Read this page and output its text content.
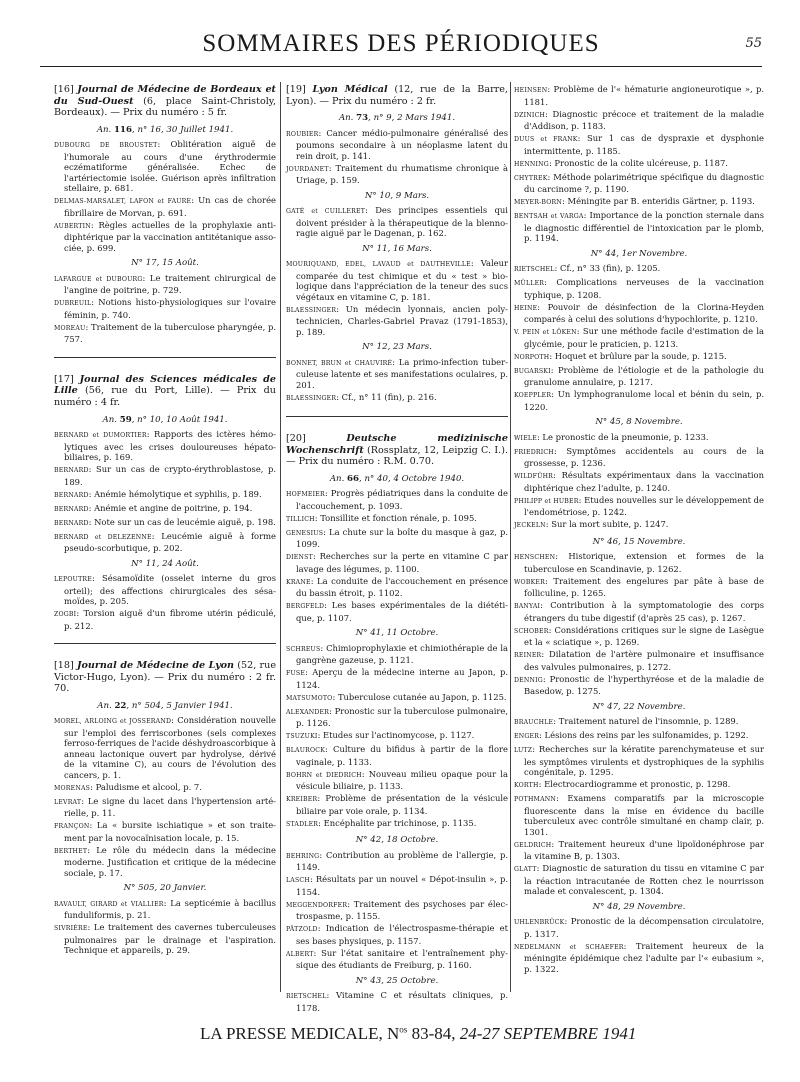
SOMMAIRES DES PÉRIODIQUES	55

[16] Journal de Médecine de Bordeaux et du Sud-Ouest (6, place Saint-Christoly, Bordeaux). — Prix du numéro : 5 fr.

An. 116, n° 16, 30 Juillet 1941.

DUBOURG DE BROUSTET: Oblitération aiguë de l'humorale au cours d'une érythrodermie eczématiforme généralisée. Echec de l'artériectomie isolée. Guérison après infiltration stellaire, p. 681.

DELMAS-MARSALET, LAFON et FAURE: Un cas de chorée fibrillaire de Morvan, p. 691.

AUBERTIN: Règles actuelles de la prophylaxie antidiphtérique par la vaccination antitétanique associée, p. 699.

N° 17, 15 Août.

LAFARGUE et DUBOURG: Le traitement chirurgical de l'angine de poitrine, p. 729.

DUBREUIL: Notions histo-physiologiques sur l'ovaire féminin, p. 740.

MOREAU: Traitement de la tuberculose pharyngée, p. 757.

[17] Journal des Sciences médicales de Lille (56, rue du Port, Lille). — Prix du numéro : 4 fr.

An. 59, n° 10, 10 Août 1941.

BERNARD et DUMORTIER: Rapports des ictères hémolytiques avec les crises douloureuses hépatobiliaires, p. 169.

BERNARD: Sur un cas de crypto-érythroblastose, p. 189.

BERNARD: Anémie hémolytique et syphilis, p. 189.

BERNARD: Anémie et angine de poitrine, p. 194.

BERNARD: Note sur un cas de leucémie aiguë, p. 198.

BERNARD et DELEZENNE: Leucémie aiguë à forme pseudo-scorbutique, p. 202.

N° 11, 24 Août.

LEPOUTRE: Sésamoïdite (osselet interne du gros orteil); des affections chirurgicales des sésamoïdes, p. 205.

ZOGBI: Torsion aiguë d'un fibrome utérin pédiculé, p. 212.

[18] Journal de Médecine de Lyon (52, rue Victor-Hugo, Lyon). — Prix du numéro : 2 fr. 70.

An. 22, n° 504, 5 Janvier 1941.

MOREL, ARLOING et JOSSERAND: Considération nouvelle sur l'emploi des ferriscorbones (sels complexes ferroso-ferriques de l'acide déshydroascorbique à anneau lactonique ouvert par hydrolyse, dérivé de la vitamine C), au cours de l'évolution des cancers, p. 1.

MORENAS: Paludisme et alcool, p. 7.

LEVRAT: Le signe du lacet dans l'hypertension artérielle, p. 11.

FRANÇON: La « bursite ischiatique » et son traitement par la novocaïnisation locale, p. 15.

BERTHET: Le rôle du médecin dans la médecine moderne. Justification et critique de la médecine sociale, p. 17.

N° 505, 20 Janvier.

RAVAULT, GIRARD et VIALLIER: La septicémie à bacillus funduliformis, p. 21.

SIVRIÈRE: Le traitement des cavernes tuberculeuses pulmonaires par le drainage et l'aspiration. Technique et appareils, p. 29.

[19] Lyon Médical (12, rue de la Barre, Lyon). — Prix du numéro : 2 fr.

An. 73, n° 9, 2 Mars 1941.

ROUBIER: Cancer médio-pulmonaire généralisé des poumons secondaire à un néoplasme latent du rein droit, p. 141.

JOURDANET: Traitement du rhumatisme chronique à Uriage, p. 159.

N° 10, 9 Mars.

GATÉ et CUILLERET: Des principes essentiels qui doivent présider à la thérapeutique de la blennoragie aiguë par le Dagenan, p. 162.

N° 11, 16 Mars.

MOURIQUAND, EDEL, LAVAUD et DAUTHEVILLE: Valeur comparée du test chimique et du « test » biologique dans l'appréciation de la teneur des sucs végétaux en vitamine C, p. 181.

BLAESSINGER: Un médecin lyonnais, ancien polytechnicien, Charles-Gabriel Pravaz (1791-1853), p. 189.

N° 12, 23 Mars.

BONNET, BRUN et CHAUVIRÉ: La primo-infection tuberculeuse latente et ses manifestations oculaires, p. 201.

BLAESSINGER: Cf., n° 11 (fin), p. 216.

[20]	Deutsche medizinische Wochenschrift (Rossplatz, 12, Leipzig C. I.). — Prix du numéro : R.M. 0.70.

An. 66, n° 40, 4 Octobre 1940.

HOFMEIER: Progrès pédiatriques dans la conduite de l'accouchement, p. 1093.

TILLICH: Tonsillite et fonction rénale, p. 1095.

GENESIUS: La chute sur la boîte du masque à gaz, p. 1099.

DIENST: Recherches sur la perte en vitamine C par lavage des légumes, p. 1100.

KRANE: La conduite de l'accouchement en présence du bassin étroit, p. 1102.

BERGFELD: Les bases expérimentales de la diététique, p. 1107.

N° 41, 11 Octobre.

SCHREUS: Chimioprophylaxie et chimiothérapie de la gangrène gazeuse, p. 1121.

FUSE: Aperçu de la médecine interne au Japon, p. 1124.

MATSUMOTO: Tuberculose cutanée au Japon, p. 1125.

ALEXANDER: Pronostic sur la tuberculose pulmonaire, p. 1126.

TSUZUKI: Etudes sur l'actinomycose, p. 1127.

BLAUROCK: Culture du bifidus à partir de la flore vaginale, p. 1133.

BOHRN et DIEDRICH: Nouveau milieu opaque pour la vésicule biliaire, p. 1133.

KREIBER: Problème de présentation de la vésicule biliaire par voie orale, p. 1134.

STADLER: Encéphalite par trichinose, p. 1135.

N° 42, 18 Octobre.

BEHRING: Contribution au problème de l'allergie, p. 1149.

LASCH: Résultats par un nouvel « Dépot-insulin », p. 1154.

MEGGENDORFER: Traitement des psychoses par électrospasme, p. 1155.

PÄTZOLD: Indication de l'électrospasme-thérapie et ses bases physiques, p. 1157.

ALBERT: Sur l'état sanitaire et l'entraînement physique des étudiants de Freiburg, p. 1160.

N° 43, 25 Octobre.

RIETSCHEL: Vitamine C et résultats cliniques, p. 1178.

HEINSEN: Problème de l'« hématurie angioneurotique », p. 1181.

DZINICH: Diagnostic précoce et traitement de la maladie d'Addison, p. 1183.

DUUS et FRANK: Sur 1 cas de dyspraxie et dysphonie intermittente, p. 1185.

HENNING: Pronostic de la colite ulcéreuse, p. 1187.

CHYTREK: Méthode polarimétrique spécifique du diagnostic du carcinome ?, p. 1190.

MEYER-BORN: Méningite par B. enteridis Gärtner, p. 1193.

BENTSAH et VARGA: Importance de la ponction sternale dans le diagnostic différentiel de l'intoxication par le plomb, p. 1194.

N° 44, 1er Novembre.

RIETSCHEL: Cf., n° 33 (fin), p. 1205.

MÜLLER: Complications nerveuses de la vaccination typhique, p. 1208.

HEINE: Pouvoir de désinfection de la Clorina-Heyden comparés à celui des solutions d'hypochlorite, p. 1210.

V. PEIN et LÖKEN: Sur une méthode facile d'estimation de la glycémie, pour le praticien, p. 1213.

NORPOTH: Hoquet et brûlure par la soude, p. 1215.

BUGARSKI: Problème de l'étiologie et de la pathologie du granulome annulaire, p. 1217.

KOEPPLER: Un lymphogranulome local et bénin du sein, p. 1220.

N° 45, 8 Novembre.

WIELE: Le pronostic de la pneumonie, p. 1233.

FRIEDRICH: Symptômes accidentels au cours de la grossesse, p. 1236.

WILDFÜHR: Résultats expérimentaux dans la vaccination diphtérique chez l'adulte, p. 1240.

PHILIPP et HUBER: Etudes nouvelles sur le développement de l'endométriose, p. 1242.

JECKELN: Sur la mort subite, p. 1247.

N° 46, 15 Novembre.

HENSCHEN: Historique, extension et formes de la tuberculose en Scandinavie, p. 1262.

WOBKER: Traitement des engelures par pâte à base de folliculine, p. 1265.

BANYAI: Contribution à la symptomatologie des corps étrangers du tube digestif (d'après 25 cas), p. 1267.

SCHOBER: Considérations critiques sur le signe de Lasègue et la « sciatique », p. 1269.

REINER: Dilatation de l'artère pulmonaire et insuffisance des valvules pulmonaires, p. 1272.

DENNIG: Pronostic de l'hyperthyréose et de la maladie de Basedow, p. 1275.

N° 47, 22 Novembre.

BRAUCHLE: Traitement naturel de l'insomnie, p. 1289.

ENGER: Lésions des reins par les sulfonamides, p. 1292.

LUTZ: Recherches sur la kératite parenchymateuse et sur les symptômes virulents et dystrophiques de la syphilis congénitale, p. 1295.

KORTH: Electrocardiogramme et pronostic, p. 1298.

POTHMANN: Examens comparatifs par la microscopie fluorescente dans la mise en évidence du bacille tuberculeux avec contrôle simultané en champ clair, p. 1301.

GELDRICH: Traitement heureux d'une lipoïdonéphrose par la vitamine B, p. 1303.

GLATT: Diagnostic de saturation du tissu en vitamine C par la réaction intracutanée de Rotten chez le nourrisson malade et convalescent, p. 1304.

N° 48, 29 Novembre.

UHLENBRÜCK: Pronostic de la décompensation circulatoire, p. 1317.

NEDELMANN et SCHAEFER: Traitement heureux de la méningite épidémique chez l'adulte par l'« eubasium », p. 1322.

LA PRESSE MEDICALE, $N^{os}$ 83-84, 24-27 SEPTEMBRE 1941
